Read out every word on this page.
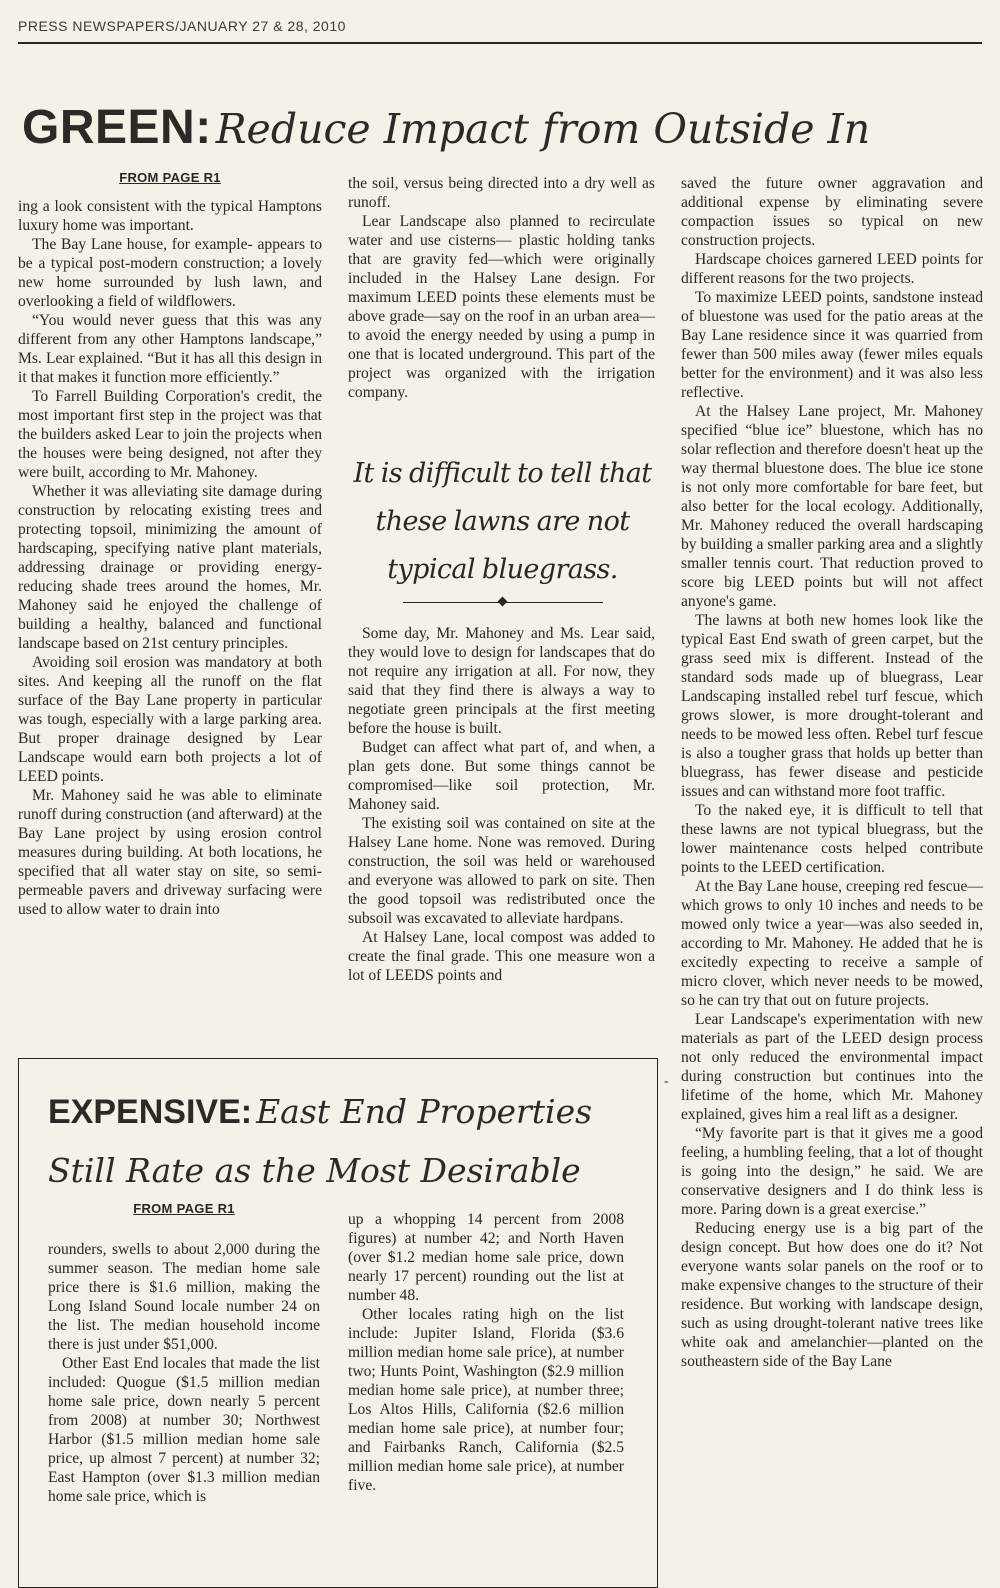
PRESS NEWSPAPERS/JANUARY 27 & 28, 2010
GREEN: Reduce Impact from Outside In
FROM PAGE R1

ing a look consistent with the typical Hamptons luxury home was important.

The Bay Lane house, for example- appears to be a typical post-modern construction; a lovely new home surrounded by lush lawn, and overlooking a field of wildflowers.

“You would never guess that this was any different from any other Hamptons landscape,” Ms. Lear explained. “But it has all this design in it that makes it function more efficiently.”

To Farrell Building Corporation's credit, the most important first step in the project was that the builders asked Lear to join the projects when the houses were being designed, not after they were built, according to Mr. Mahoney.

Whether it was alleviating site damage during construction by relocating existing trees and protecting topsoil, minimizing the amount of hardscaping, specifying native plant materials, addressing drainage or providing energy-reducing shade trees around the homes, Mr. Mahoney said he enjoyed the challenge of building a healthy, balanced and functional landscape based on 21st century principles.

Avoiding soil erosion was mandatory at both sites. And keeping all the runoff on the flat surface of the Bay Lane property in particular was tough, especially with a large parking area. But proper drainage designed by Lear Landscape would earn both projects a lot of LEED points.

Mr. Mahoney said he was able to eliminate runoff during construction (and afterward) at the Bay Lane project by using erosion control measures during building. At both locations, he specified that all water stay on site, so semi-permeable pavers and driveway surfacing were used to allow water to drain into

the soil, versus being directed into a dry well as runoff.

Lear Landscape also planned to recirculate water and use cisterns— plastic holding tanks that are gravity fed—which were originally included in the Halsey Lane design. For maximum LEED points these elements must be above grade—say on the roof in an urban area—to avoid the energy needed by using a pump in one that is located underground. This part of the project was organized with the irrigation company.

It is difficult to tell that these lawns are not typical bluegrass.

Some day, Mr. Mahoney and Ms. Lear said, they would love to design for landscapes that do not require any irrigation at all. For now, they said that they find there is always a way to negotiate green principals at the first meeting before the house is built.

Budget can affect what part of, and when, a plan gets done. But some things cannot be compromised—like soil protection, Mr. Mahoney said.

The existing soil was contained on site at the Halsey Lane home. None was removed. During construction, the soil was held or warehoused and everyone was allowed to park on site. Then the good topsoil was redistributed once the subsoil was excavated to alleviate hardpans.

At Halsey Lane, local compost was added to create the final grade. This one measure won a lot of LEEDS points and

saved the future owner aggravation and additional expense by eliminating severe compaction issues so typical on new construction projects.

Hardscape choices garnered LEED points for different reasons for the two projects.

To maximize LEED points, sandstone instead of bluestone was used for the patio areas at the Bay Lane residence since it was quarried from fewer than 500 miles away (fewer miles equals better for the environment) and it was also less reflective.

At the Halsey Lane project, Mr. Mahoney specified “blue ice” bluestone, which has no solar reflection and therefore doesn't heat up the way thermal bluestone does. The blue ice stone is not only more comfortable for bare feet, but also better for the local ecology. Additionally, Mr. Mahoney reduced the overall hardscaping by building a smaller parking area and a slightly smaller tennis court. That reduction proved to score big LEED points but will not affect anyone's game.

The lawns at both new homes look like the typical East End swath of green carpet, but the grass seed mix is different. Instead of the standard sods made up of bluegrass, Lear Landscaping installed rebel turf fescue, which grows slower, is more drought-tolerant and needs to be mowed less often. Rebel turf fescue is also a tougher grass that holds up better than bluegrass, has fewer disease and pesticide issues and can withstand more foot traffic.

To the naked eye, it is difficult to tell that these lawns are not typical bluegrass, but the lower maintenance costs helped contribute points to the LEED certification.

At the Bay Lane house, creeping red fescue—which grows to only 10 inches and needs to be mowed only twice a year—was also seeded in, according to Mr. Mahoney. He added that he is excitedly expecting to receive a sample of micro clover, which never needs to be mowed, so he can try that out on future projects.

Lear Landscape's experimentation with new materials as part of the LEED design process not only reduced the environmental impact during construction but continues into the lifetime of the home, which Mr. Mahoney explained, gives him a real lift as a designer.

“My favorite part is that it gives me a good feeling, a humbling feeling, that a lot of thought is going into the design,” he said. We are conservative designers and I do think less is more. Paring down is a great exercise.”

Reducing energy use is a big part of the design concept. But how does one do it? Not everyone wants solar panels on the roof or to make expensive changes to the structure of their residence. But working with landscape design, such as using drought-tolerant native trees like white oak and amelanchier—planted on the southeastern side of the Bay Lane

-
EXPENSIVE: East End Properties Still Rate as the Most Desirable
FROM PAGE R1

rounders, swells to about 2,000 during the summer season. The median home sale price there is $1.6 million, making the Long Island Sound locale number 24 on the list. The median household income there is just under $51,000.

Other East End locales that made the list included: Quogue ($1.5 million median home sale price, down nearly 5 percent from 2008) at number 30; Northwest Harbor ($1.5 million median home sale price, up almost 7 percent) at number 32; East Hampton (over $1.3 million median home sale price, which is

up a whopping 14 percent from 2008 figures) at number 42; and North Haven (over $1.2 median home sale price, down nearly 17 percent) rounding out the list at number 48.

Other locales rating high on the list include: Jupiter Island, Florida ($3.6 million median home sale price), at number two; Hunts Point, Washington ($2.9 million median home sale price), at number three; Los Altos Hills, California ($2.6 million median home sale price), at number four; and Fairbanks Ranch, California ($2.5 million median home sale price), at number five.
